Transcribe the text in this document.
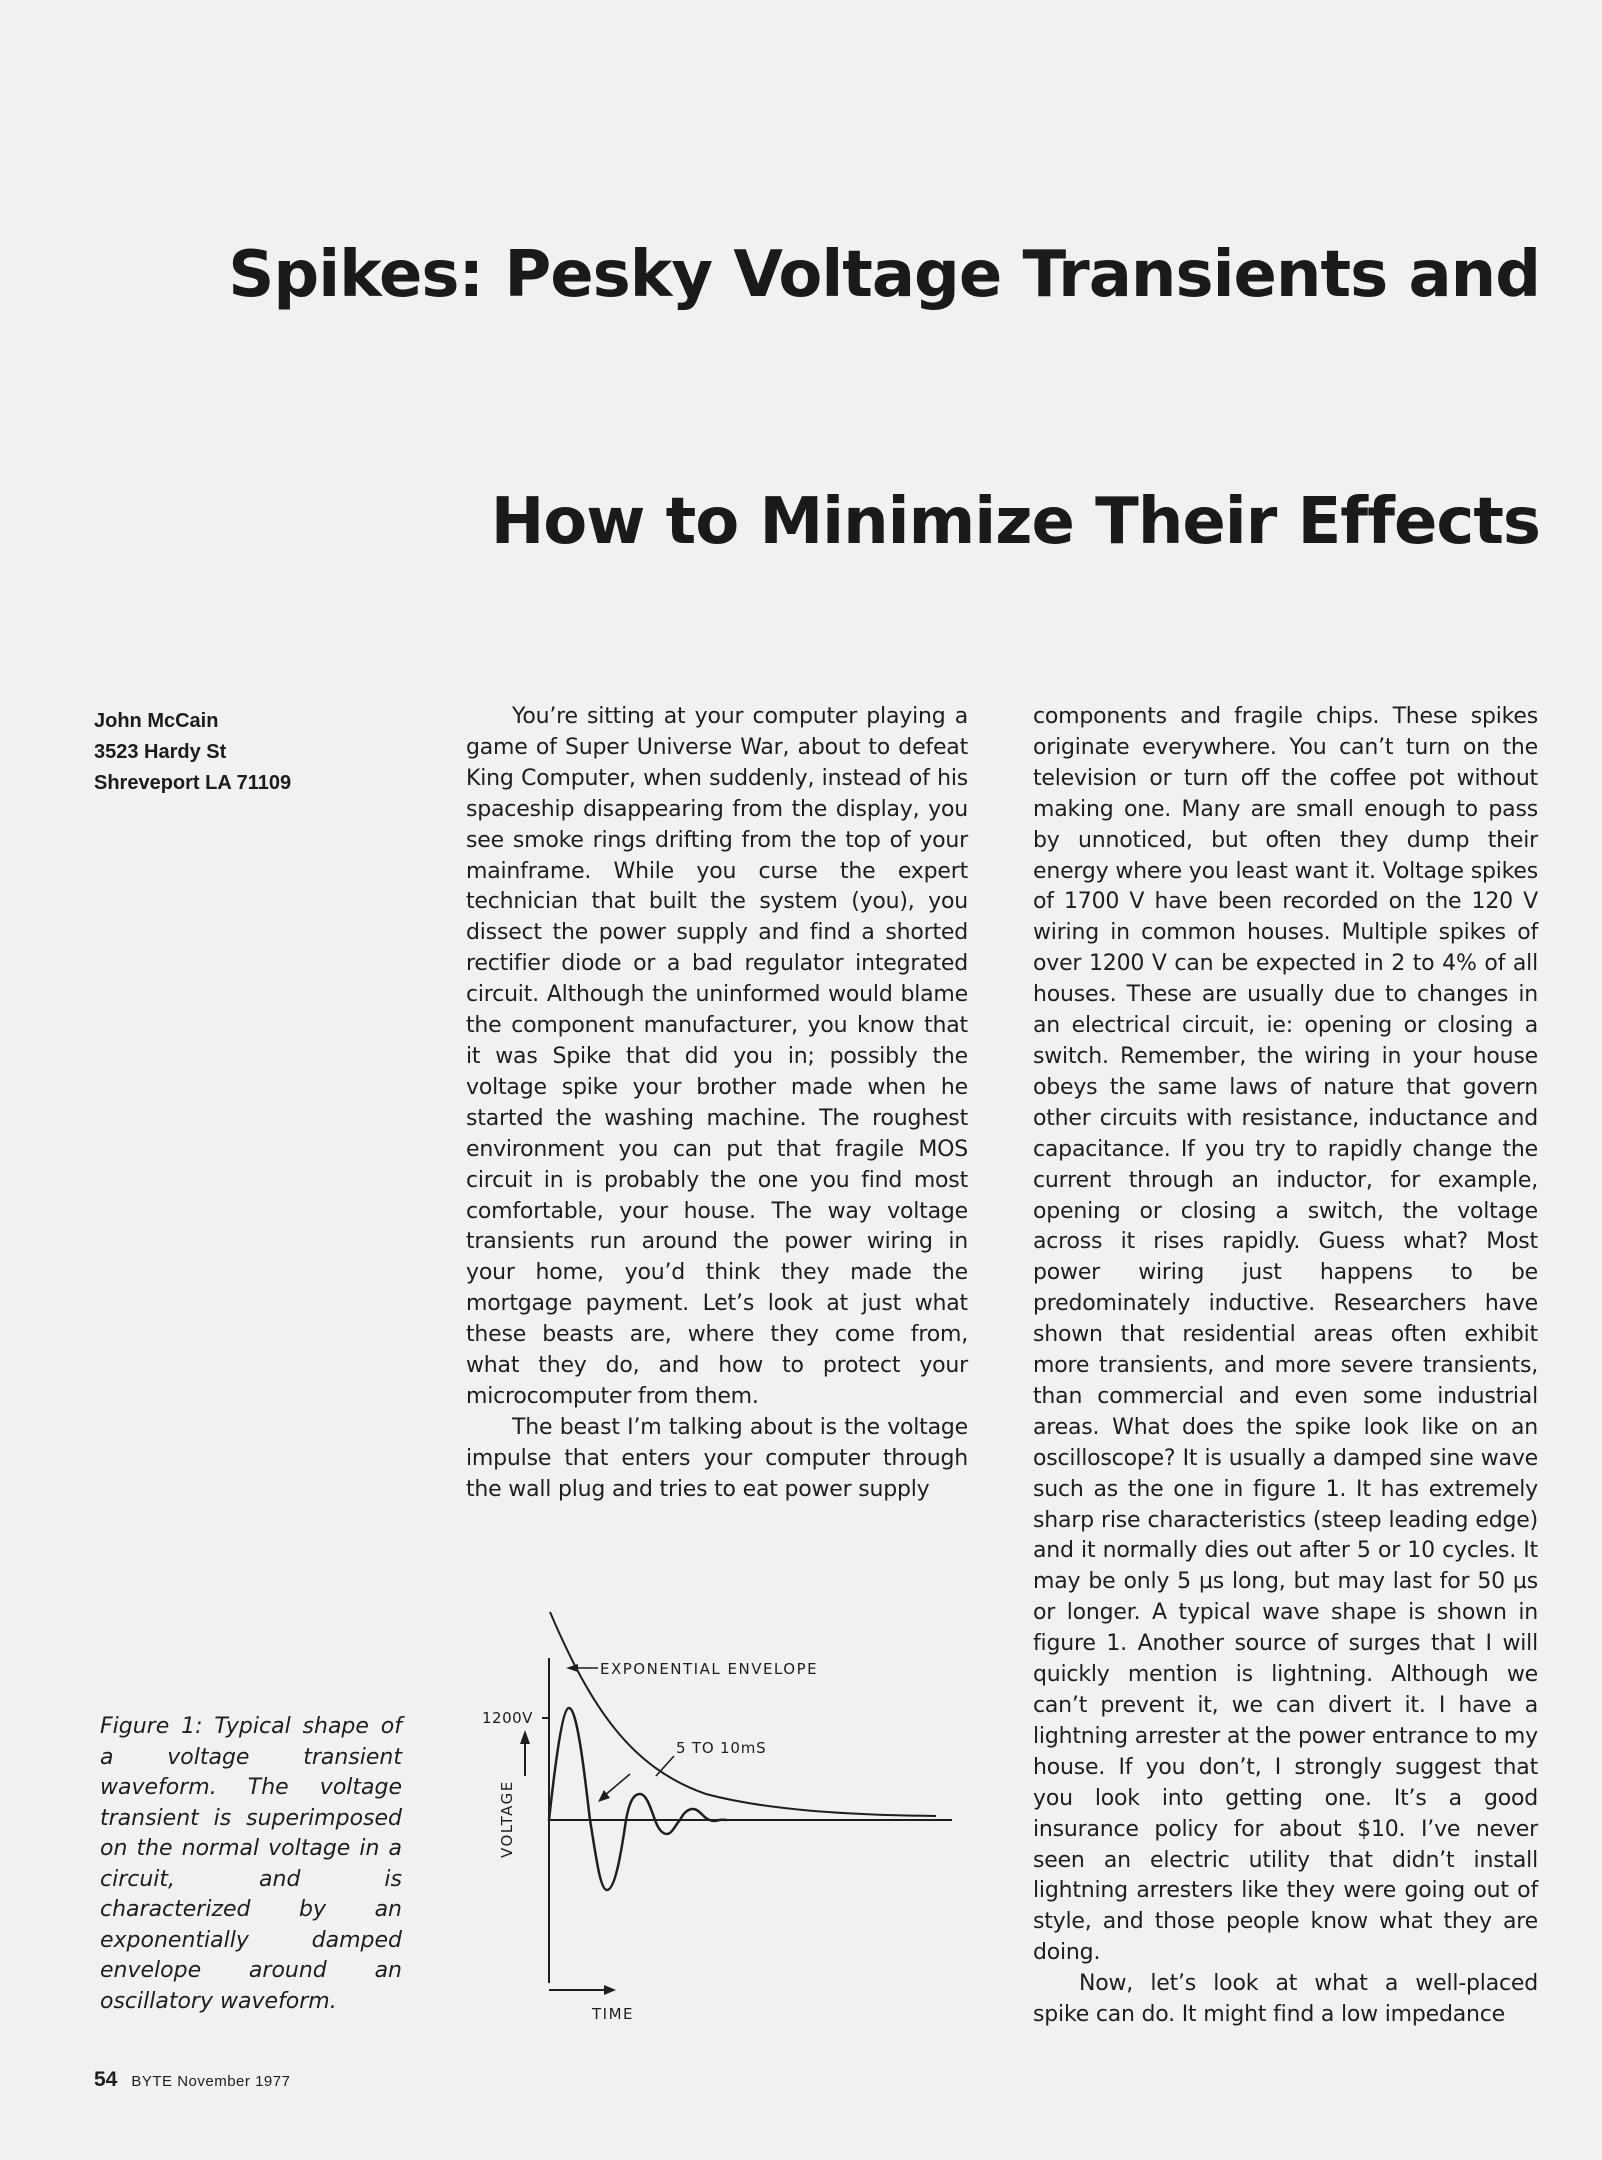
Spikes: Pesky Voltage Transients and
How to Minimize Their Effects
John McCain
3523 Hardy St
Shreveport LA 71109

You’re sitting at your computer playing a game of Super Universe War, about to defeat King Computer, when suddenly, instead of his spaceship disappearing from the display, you see smoke rings drifting from the top of your mainframe. While you curse the expert technician that built the system (you), you dissect the power supply and find a shorted rectifier diode or a bad regulator integrated circuit. Although the uninformed would blame the component manufacturer, you know that it was Spike that did you in; possibly the voltage spike your brother made when he started the washing machine. The roughest environment you can put that fragile MOS circuit in is probably the one you find most comfortable, your house. The way voltage transients run around the power wiring in your home, you’d think they made the mortgage payment. Let’s look at just what these beasts are, where they come from, what they do, and how to protect your microcomputer from them.

The beast I’m talking about is the voltage impulse that enters your computer through the wall plug and tries to eat power supply

components and fragile chips. These spikes originate everywhere. You can’t turn on the television or turn off the coffee pot without making one. Many are small enough to pass by unnoticed, but often they dump their energy where you least want it. Voltage spikes of 1700 V have been recorded on the 120 V wiring in common houses. Multiple spikes of over 1200 V can be expected in 2 to 4% of all houses. These are usually due to changes in an electrical circuit, ie: opening or closing a switch. Remember, the wiring in your house obeys the same laws of nature that govern other circuits with resistance, inductance and capacitance. If you try to rapidly change the current through an inductor, for example, opening or closing a switch, the voltage across it rises rapidly. Guess what? Most power wiring just happens to be predominately inductive. Researchers have shown that residential areas often exhibit more transients, and more severe transients, than commercial and even some industrial areas. What does the spike look like on an oscilloscope? It is usually a damped sine wave such as the one in figure 1. It has extremely sharp rise characteristics (steep leading edge) and it normally dies out after 5 or 10 cycles. It may be only 5 µs long, but may last for 50 µs or longer. A typical wave shape is shown in figure 1. Another source of surges that I will quickly mention is lightning. Although we can’t prevent it, we can divert it. I have a lightning arrester at the power entrance to my house. If you don’t, I strongly suggest that you look into getting one. It’s a good insurance policy for about $10. I’ve never seen an electric utility that didn’t install lightning arresters like they were going out of style, and those people know what they are doing.

Now, let’s look at what a well-placed spike can do. It might find a low impedance

Figure 1: Typical shape of a voltage transient waveform. The voltage transient is superimposed on the normal voltage in a circuit, and is characterized by an exponentially damped envelope around an oscillatory waveform.
EXPONENTIAL ENVELOPE
1200V
5 TO 10mS
VOLTAGE
TIME
54 BYTE November 1977
